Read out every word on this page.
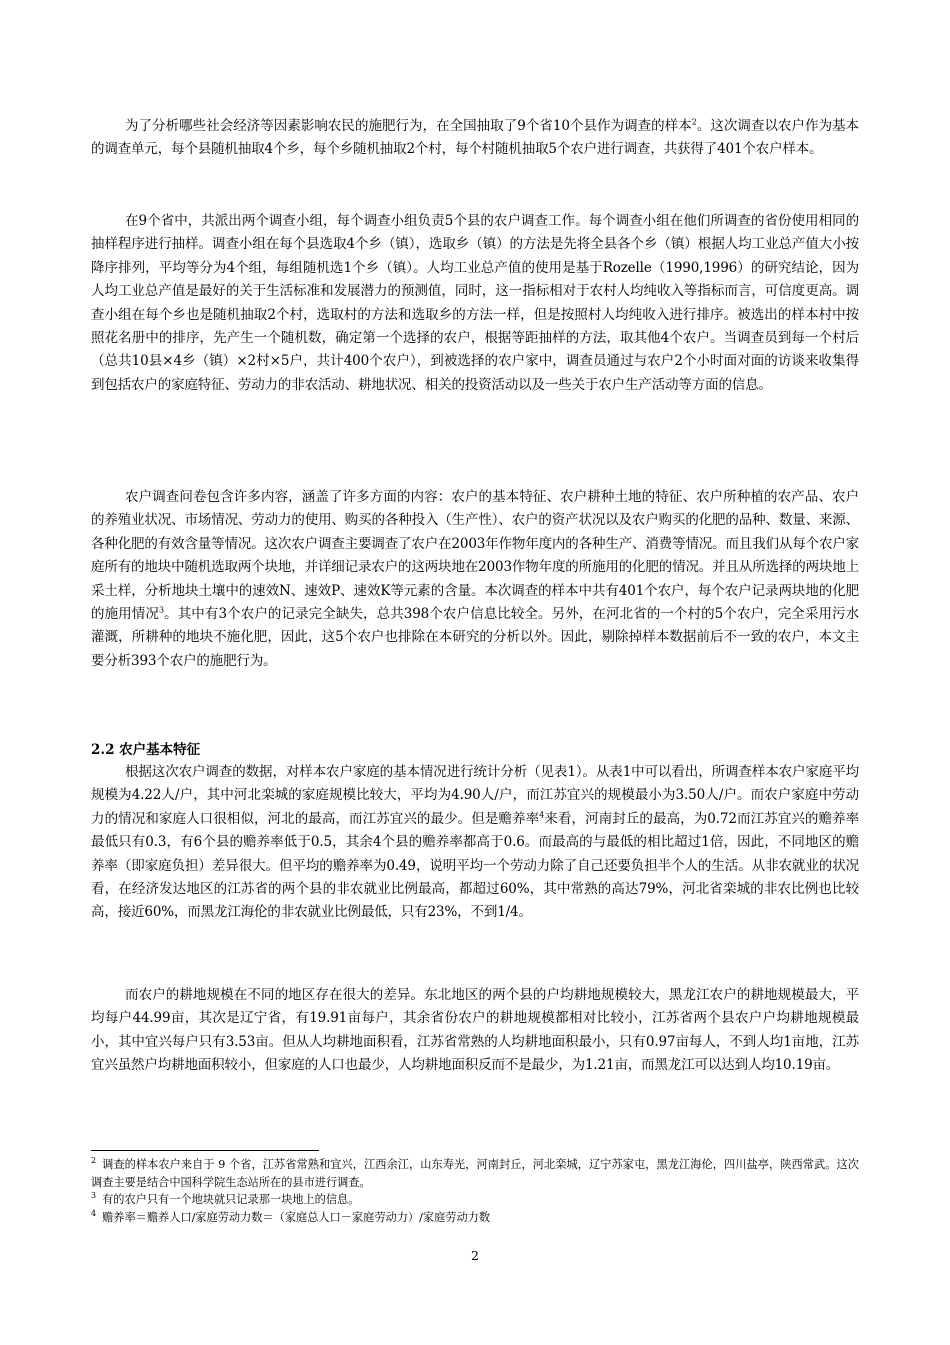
为了分析哪些社会经济等因素影响农民的施肥行为，在全国抽取了9个省10个县作为调查的样本$^2$。这次调查以农户作为基本的调查单元，每个县随机抽取4个乡，每个乡随机抽取2个村，每个村随机抽取5个农户进行调查，共获得了401个农户样本。

在9个省中，共派出两个调查小组，每个调查小组负责5个县的农户调查工作。每个调查小组在他们所调查的省份使用相同的抽样程序进行抽样。调查小组在每个县选取4个乡（镇），选取乡（镇）的方法是先将全县各个乡（镇）根据人均工业总产值大小按降序排列，平均等分为4个组，每组随机选1个乡（镇）。人均工业总产值的使用是基于Rozelle（1990,1996）的研究结论，因为人均工业总产值是最好的关于生活标准和发展潜力的预测值，同时，这一指标相对于农村人均纯收入等指标而言，可信度更高。调查小组在每个乡也是随机抽取2个村，选取村的方法和选取乡的方法一样，但是按照村人均纯收入进行排序。被选出的样本村中按照花名册中的排序，先产生一个随机数，确定第一个选择的农户，根据等距抽样的方法，取其他4个农户。当调查员到每一个村后（总共10县×4乡（镇）×2村×5户，共计400个农户），到被选择的农户家中，调查员通过与农户2个小时面对面的访谈来收集得到包括农户的家庭特征、劳动力的非农活动、耕地状况、相关的投资活动以及一些关于农户生产活动等方面的信息。

农户调查问卷包含许多内容，涵盖了许多方面的内容：农户的基本特征、农户耕种土地的特征、农户所种植的农产品、农户的养殖业状况、市场情况、劳动力的使用、购买的各种投入（生产性）、农户的资产状况以及农户购买的化肥的品种、数量、来源、各种化肥的有效含量等情况。这次农户调查主要调查了农户在2003年作物年度内的各种生产、消费等情况。而且我们从每个农户家庭所有的地块中随机选取两个块地，并详细记录农户的这两块地在2003作物年度的所施用的化肥的情况。并且从所选择的两块地上采土样，分析地块土壤中的速效N、速效P、速效K等元素的含量。本次调查的样本中共有401个农户，每个农户记录两块地的化肥的施用情况$^3$。其中有3个农户的记录完全缺失，总共398个农户信息比较全。另外，在河北省的一个村的5个农户，完全采用污水灌溉，所耕种的地块不施化肥，因此，这5个农户也排除在本研究的分析以外。因此，剔除掉样本数据前后不一致的农户，本文主要分析393个农户的施肥行为。

2.2 农户基本特征

根据这次农户调查的数据，对样本农户家庭的基本情况进行统计分析（见表1）。从表1中可以看出，所调查样本农户家庭平均规模为4.22人/户，其中河北栾城的家庭规模比较大，平均为4.90人/户，而江苏宜兴的规模最小为3.50人/户。而农户家庭中劳动力的情况和家庭人口很相似，河北的最高，而江苏宜兴的最少。但是赡养率$^4$来看，河南封丘的最高，为0.72而江苏宜兴的赡养率最低只有0.3，有6个县的赡养率低于0.5，其余4个县的赡养率都高于0.6。而最高的与最低的相比超过1倍，因此，不同地区的赡养率（即家庭负担）差异很大。但平均的赡养率为0.49，说明平均一个劳动力除了自己还要负担半个人的生活。从非农就业的状况看，在经济发达地区的江苏省的两个县的非农就业比例最高，都超过60%，其中常熟的高达79%，河北省栾城的非农比例也比较高，接近60%，而黑龙江海伦的非农就业比例最低，只有23%，不到1/4。

而农户的耕地规模在不同的地区存在很大的差异。东北地区的两个县的户均耕地规模较大，黑龙江农户的耕地规模最大，平均每户44.99亩，其次是辽宁省，有19.91亩每户，其余省份农户的耕地规模都相对比较小，江苏省两个县农户户均耕地规模最小，其中宜兴每户只有3.53亩。但从人均耕地面积看，江苏省常熟的人均耕地面积最小，只有0.97亩每人，不到人均1亩地，江苏宜兴虽然户均耕地面积较小，但家庭的人口也最少，人均耕地面积反而不是最少，为1.21亩，而黑龙江可以达到人均10.19亩。

$^2$ 调查的样本农户来自于 9 个省，江苏省常熟和宜兴，江西余江，山东寿光，河南封丘，河北栾城，辽宁苏家屯，黑龙江海伦，四川盐亭，陕西常武。这次调查主要是结合中国科学院生态站所在的县市进行调查。

$^3$ 有的农户只有一个地块就只记录那一块地上的信息。

$^4$ 赡养率＝赡养人口/家庭劳动力数＝（家庭总人口－家庭劳动力）/家庭劳动力数

2
